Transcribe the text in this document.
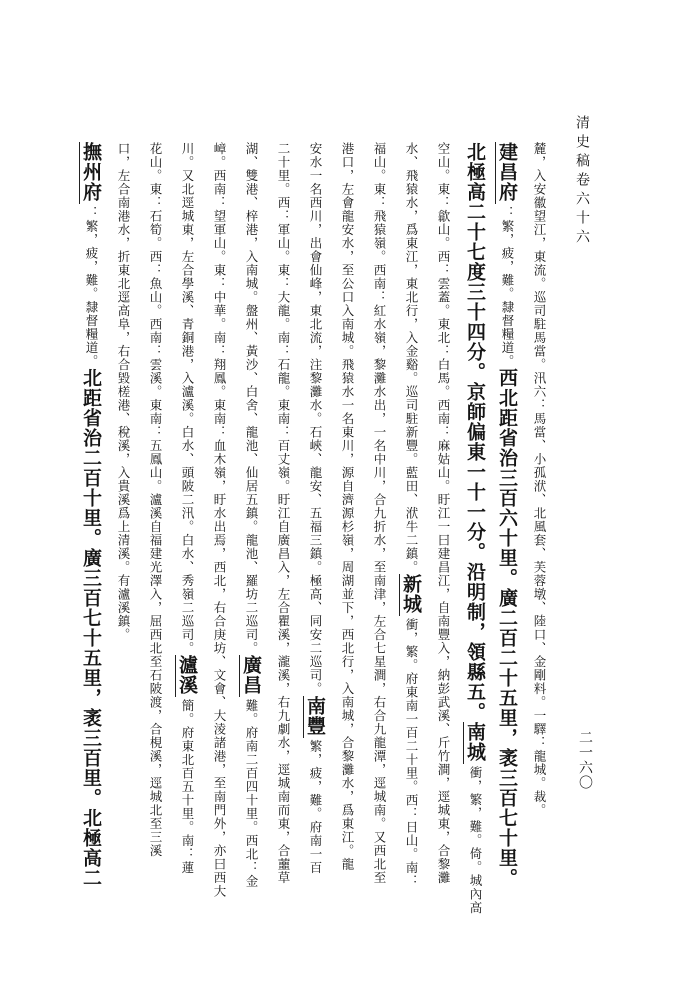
清史稿卷六十六
二一六〇
麓，入安徽望江，東流。巡司駐馬當。汛六：馬當、小孤洑、北風套、芙蓉墩、陸口、金剛料。一驛：龍城。裁。
建昌府：繁，疲，難。隸督糧道。西北距省治三百六十里。廣二百二十五里，袤三百七十里。
北極高二十七度三十四分。京師偏東一十一分。沿明制，領縣五。南城衝，繁，難。倚。城內高
空山。東：歙山。西：雲蓋。東北：白馬。西南：麻姑山。盱江一曰建昌江，自南豐入，納彭武溪、斤竹澗，逕城東，合黎灘
水、飛猿水，爲東江，東北行，入金谿。巡司駐新豐。藍田、洑牛二鎮。新城衝，繁。府東南一百二十里。西：日山。南：
福山。東：飛猿嶺。西南：紅水嶺，黎灘水出，一名中川，合九折水，至南津，左合七星澗，右合九龍潭，逕城南。又西北至
港口，左會龍安水，至公口入南城。飛猿水一名東川，源自濟源杉嶺，周湖並下，西北行，入南城，合黎灘水，爲東江。龍
安水一名西川，出會仙峰，東北流，注黎灘水。石峽、龍安、五福三鎮。極高、同安二巡司。南豐繁，疲，難。府南一百
二十里。西：軍山。東：大龍。南：石龍。東南：百丈嶺。盱江自廣昌入，左合瞿溪，瀧溪，右九劇水，逕城南而東，合蘁草
湖、雙港、梓港，入南城。盤州、黃沙、白舍、龍池、仙居五鎮。龍池、羅坊二巡司。廣昌難。府南二百四十里。西北：金
嶂。西南：望軍山。東：中華。南：翔鳳。東南：血木嶺，盱水出焉，西北，右合庚坊、文會、大淩諸港，至南門外，亦曰西大
川。又北逕城東，左合學溪、青銅港，入瀘溪。白水、頭陂二汛。白水、秀嶺二巡司。瀘溪簡。府東北百五十里。南：蓮
花山。東：石筍。西：魚山。西南：雲溪。東南：五鳳山。瀘溪自福建光澤入，屈西北至石陂渡，合梘溪，逕城北至三溪
口，左合南港水，折東北逕高阜，右合毀槎港、稅溪，入貴溪爲上清溪。有瀘溪鎮。
撫州府：繁，疲，難。隸督糧道。北距省治二百十里。廣三百七十五里，袤三百里。北極高二
